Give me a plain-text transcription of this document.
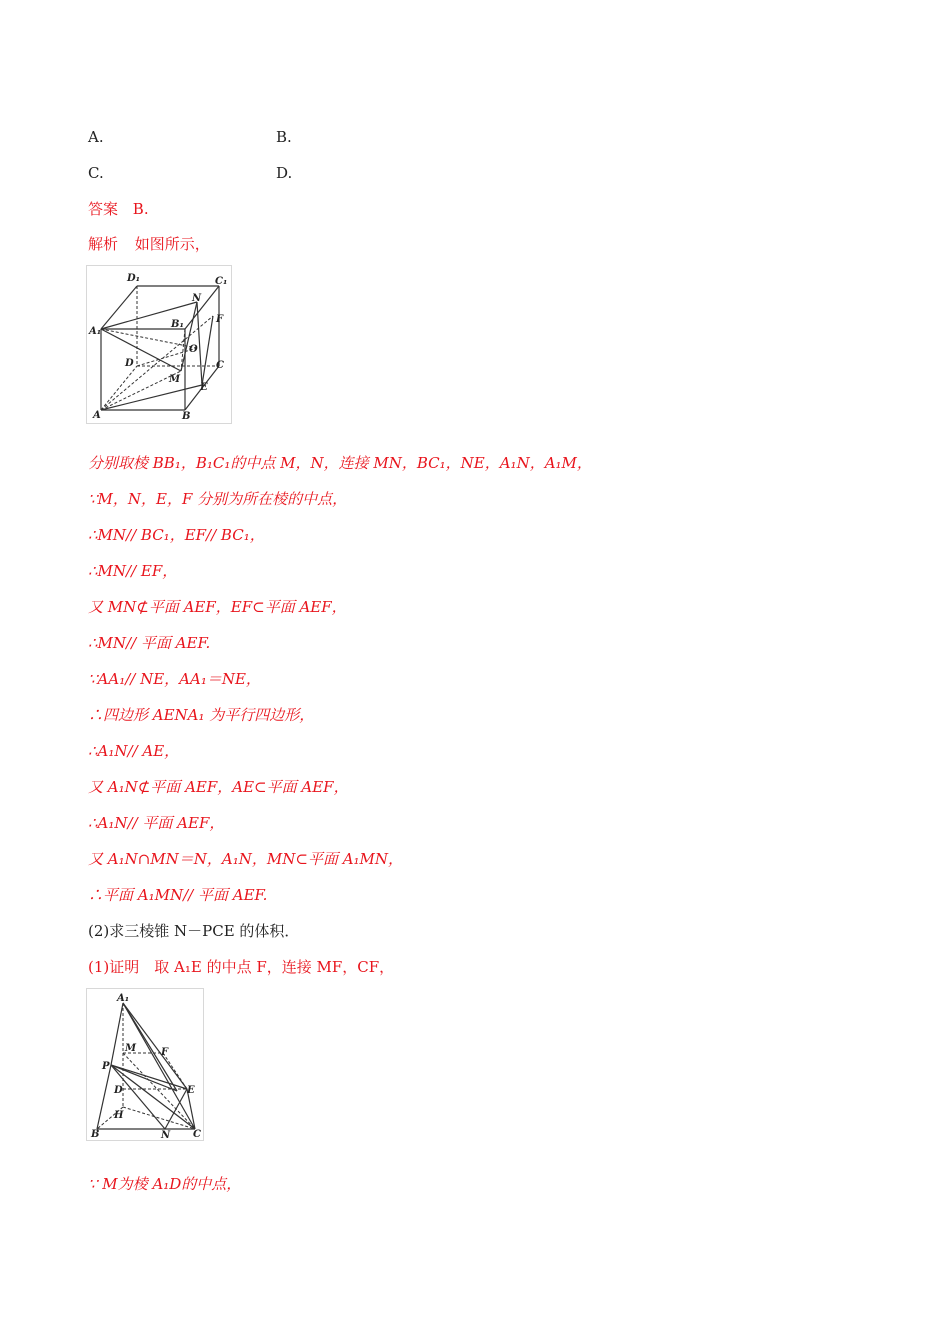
A.	B.
C.	D.
答案 B.
解析 如图所示，
D₁	C₁
N
A₁
B₁	F
O
D	C
M
E
A	B
分别取棱 BB₁，B₁C₁的中点 M，N，连接 MN，BC₁，NE，A₁N，A₁M，
∵M，N，E，F 分别为所在棱的中点，
∴MN// BC₁，EF// BC₁，
∴MN// EF，
又 MN⊄平面 AEF，EF⊂平面 AEF，
∴MN// 平面 AEF.
∵AA₁// NE，AA₁＝NE，
∴四边形 AENA₁ 为平行四边形，
∴A₁N// AE，
又 A₁N⊄平面 AEF，AE⊂平面 AEF，
∴A₁N// 平面 AEF，
又 A₁N∩MN＝N，A₁N，MN⊂平面 A₁MN，
∴平面 A₁MN// 平面 AEF.
(2)求三棱锥 N－PCE 的体积．
(1)证明　取 A₁E 的中点 F，连接 MF，CF，
A₁
M F
P
D	E
H
B	N C
∵ M为棱 A₁D的中点，
